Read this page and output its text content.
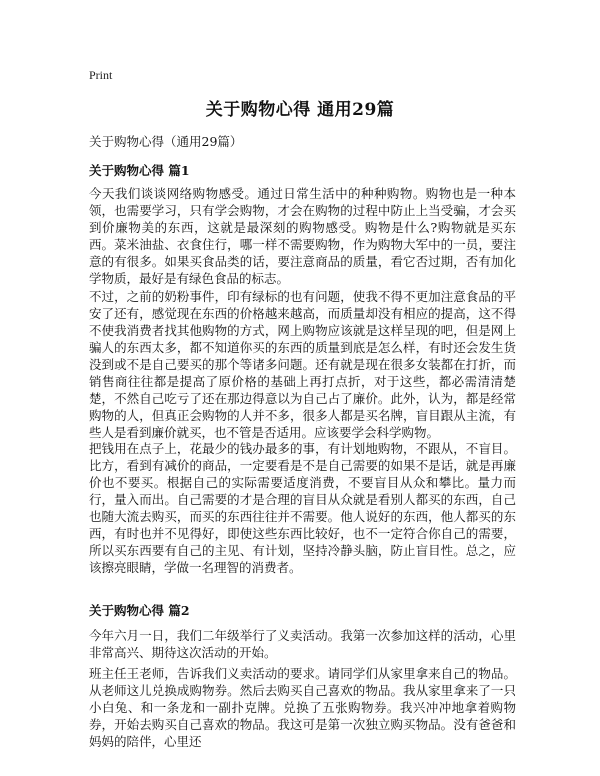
Print
关于购物心得 通用29篇

关于购物心得（通用29篇）

关于购物心得 篇1

今天我们谈谈网络购物感受。通过日常生活中的种种购物。购物也是一种本领，也需要学习，只有学会购物，才会在购物的过程中防止上当受骗，才会买到价廉物美的东西，这就是最深刻的购物感受。购物是什么?购物就是买东西。菜米油盐、衣食住行，哪一样不需要购物，作为购物大军中的一员，要注意的有很多。如果买食品类的话，要注意商品的质量，看它否过期，否有加化学物质，最好是有绿色食品的标志。

不过，之前的奶粉事件，印有绿标的也有问题，使我不得不更加注意食品的平安了还有，感觉现在东西的价格越来越高，而质量却没有相应的提高，这不得不使我消费者找其他购物的方式，网上购物应该就是这样呈现的吧，但是网上骗人的东西太多，都不知道你买的东西的质量到底是怎么样，有时还会发生货没到或不是自己要买的那个等诸多问题。还有就是现在很多女装都在打折，而销售商往往都是提高了原价格的基础上再打点折，对于这些，都必需清清楚楚，不然自己吃亏了还在那边得意以为自己占了廉价。此外，认为，都是经常购物的人，但真正会购物的人并不多，很多人都是买名牌，盲目跟从主流，有些人是看到廉价就买，也不管是否适用。应该要学会科学购物。

把钱用在点子上，花最少的钱办最多的事，有计划地购物，不跟从，不盲目。比方，看到有减价的商品，一定要看是不是自己需要的如果不是话，就是再廉价也不要买。根据自己的实际需要适度消费，不要盲目从众和攀比。量力而行，量入而出。自己需要的才是合理的盲目从众就是看别人都买的东西，自己也随大流去购买，而买的东西往往并不需要。他人说好的东西，他人都买的东西，有时也并不见得好，即使这些东西比较好，也不一定符合你自己的需要，所以买东西要有自己的主见、有计划，坚持冷静头脑，防止盲目性。总之，应该擦亮眼睛，学做一名理智的消费者。

关于购物心得 篇2

今年六月一日，我们二年级举行了义卖活动。我第一次参加这样的活动，心里非常高兴、期待这次活动的开始。

班主任王老师，告诉我们义卖活动的要求。请同学们从家里拿来自己的物品。从老师这儿兑换成购物券。然后去购买自己喜欢的物品。我从家里拿来了一只小白兔、和一条龙和一副扑克牌。兑换了五张购物券。我兴冲冲地拿着购物券，开始去购买自己喜欢的物品。我这可是第一次独立购买物品。没有爸爸和妈妈的陪伴，心里还
